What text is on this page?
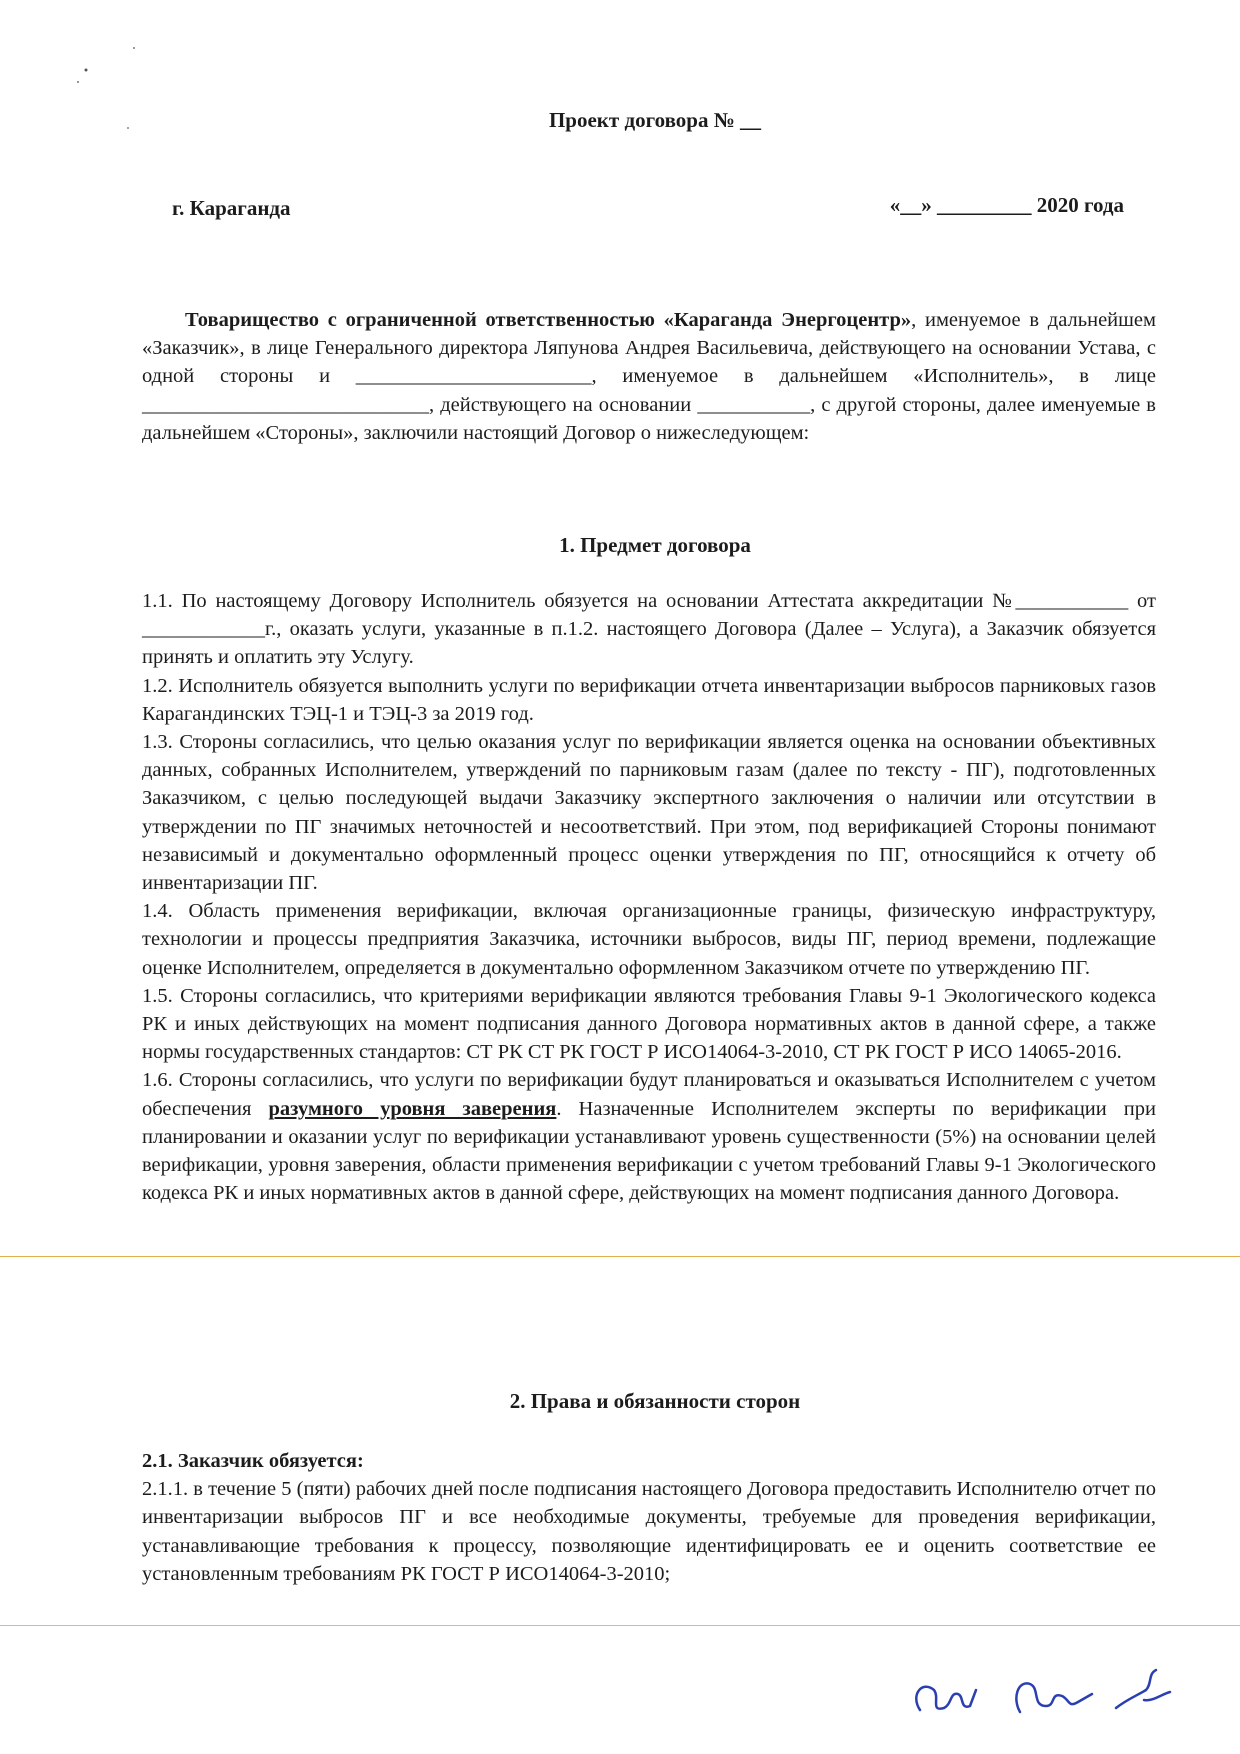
Проект договора № __
г. Караганда	«__» _________ 2020 года

Товарищество с ограниченной ответственностью «Караганда Энергоцентр», именуемое в дальнейшем «Заказчик», в лице Генерального директора Ляпунова Андрея Васильевича, действующего на основании Устава, с одной стороны и _______________________, именуемое в дальнейшем «Исполнитель», в лице ____________________________, действующего на основании ___________, с другой стороны, далее именуемые в дальнейшем «Стороны», заключили настоящий Договор о нижеследующем:

1. Предмет договора

1.1. По настоящему Договору Исполнитель обязуется на основании Аттестата аккредитации №___________ от ____________г., оказать услуги, указанные в п.1.2. настоящего Договора (Далее – Услуга), а Заказчик обязуется принять и оплатить эту Услугу.

1.2. Исполнитель обязуется выполнить услуги по верификации отчета инвентаризации выбросов парниковых газов Карагандинских ТЭЦ-1 и ТЭЦ-3 за 2019 год.

1.3. Стороны согласились, что целью оказания услуг по верификации является оценка на основании объективных данных, собранных Исполнителем, утверждений по парниковым газам (далее по тексту - ПГ), подготовленных Заказчиком, с целью последующей выдачи Заказчику экспертного заключения о наличии или отсутствии в утверждении по ПГ значимых неточностей и несоответствий. При этом, под верификацией Стороны понимают независимый и документально оформленный процесс оценки утверждения по ПГ, относящийся к отчету об инвентаризации ПГ.

1.4. Область применения верификации, включая организационные границы, физическую инфраструктуру, технологии и процессы предприятия Заказчика, источники выбросов, виды ПГ, период времени, подлежащие оценке Исполнителем, определяется в документально оформленном Заказчиком отчете по утверждению ПГ.

1.5. Стороны согласились, что критериями верификации являются требования Главы 9-1 Экологического кодекса РК и иных действующих на момент подписания данного Договора нормативных актов в данной сфере, а также нормы государственных стандартов: СТ РК СТ РК ГОСТ Р ИСО14064-3-2010, СТ РК ГОСТ Р ИСО 14065-2016.

1.6. Стороны согласились, что услуги по верификации будут планироваться и оказываться Исполнителем с учетом обеспечения разумного уровня заверения. Назначенные Исполнителем эксперты по верификации при планировании и оказании услуг по верификации устанавливают уровень существенности (5%) на основании целей верификации, уровня заверения, области применения верификации с учетом требований Главы 9-1 Экологического кодекса РК и иных нормативных актов в данной сфере, действующих на момент подписания данного Договора.

2. Права и обязанности сторон

2.1. Заказчик обязуется:

2.1.1. в течение 5 (пяти) рабочих дней после подписания настоящего Договора предоставить Исполнителю отчет по инвентаризации выбросов ПГ и все необходимые документы, требуемые для проведения верификации, устанавливающие требования к процессу, позволяющие идентифицировать ее и оценить соответствие ее установленным требованиям РК ГОСТ Р ИСО14064-3-2010;
